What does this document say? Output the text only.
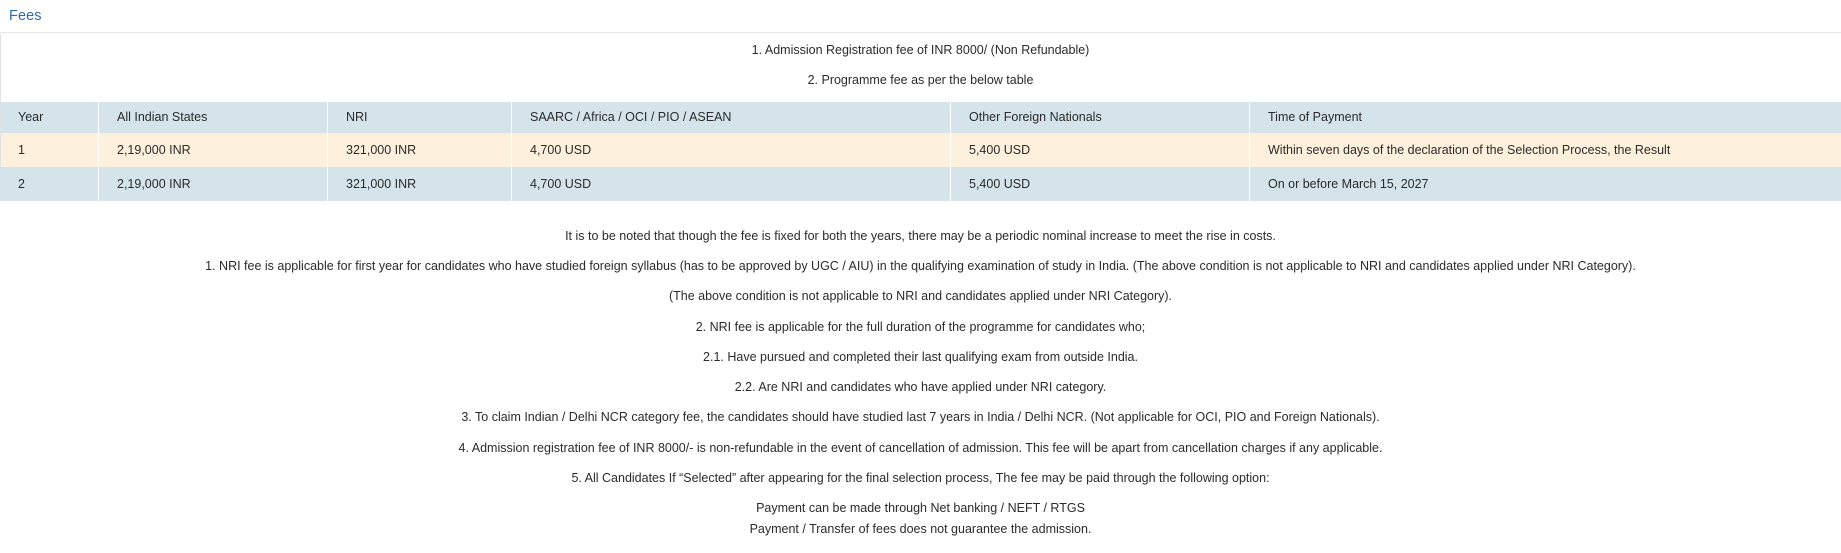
Fees

1. Admission Registration fee of INR 8000/ (Non Refundable)

2. Programme fee as per the below table

Year	All Indian States	NRI	SAARC / Africa / OCI / PIO / ASEAN	Other Foreign Nationals	Time of Payment
1	2,19,000 INR	321,000 INR	4,700 USD	5,400 USD	Within seven days of the declaration of the Selection Process, the Result
2	2,19,000 INR	321,000 INR	4,700 USD	5,400 USD	On or before March 15, 2027

It is to be noted that though the fee is fixed for both the years, there may be a periodic nominal increase to meet the rise in costs.

1. NRI fee is applicable for first year for candidates who have studied foreign syllabus (has to be approved by UGC / AIU) in the qualifying examination of study in India. (The above condition is not applicable to NRI and candidates applied under NRI Category).

(The above condition is not applicable to NRI and candidates applied under NRI Category).

2. NRI fee is applicable for the full duration of the programme for candidates who;

2.1. Have pursued and completed their last qualifying exam from outside India.

2.2. Are NRI and candidates who have applied under NRI category.

3. To claim Indian / Delhi NCR category fee, the candidates should have studied last 7 years in India / Delhi NCR. (Not applicable for OCI, PIO and Foreign Nationals).

4. Admission registration fee of INR 8000/- is non-refundable in the event of cancellation of admission. This fee will be apart from cancellation charges if any applicable.

5. All Candidates If “Selected” after appearing for the final selection process, The fee may be paid through the following option:

Payment can be made through Net banking / NEFT / RTGS

Payment / Transfer of fees does not guarantee the admission.
